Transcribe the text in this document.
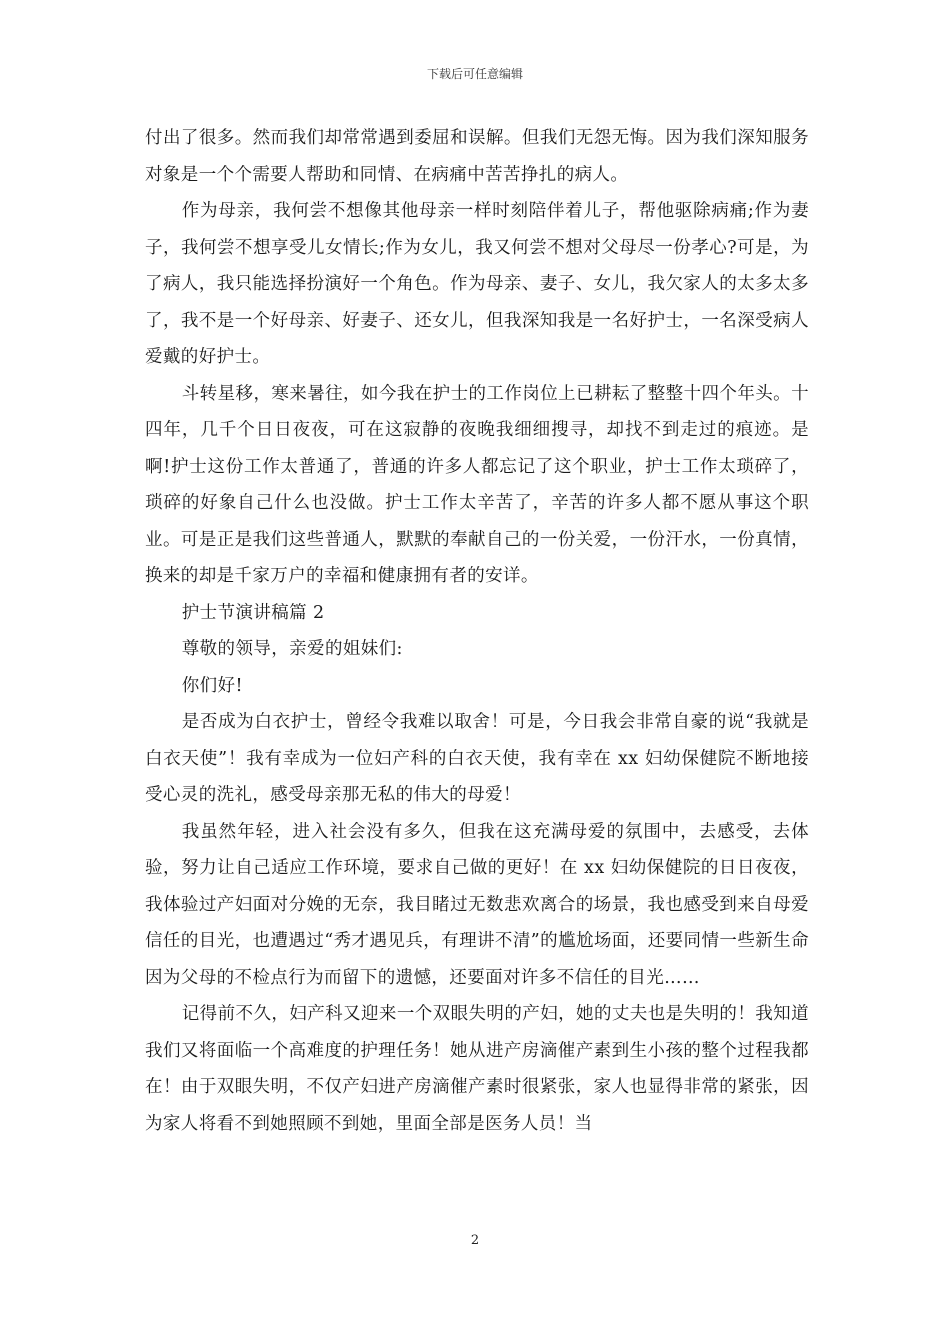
下载后可任意编辑

付出了很多。然而我们却常常遇到委屈和误解。但我们无怨无悔。因为我们深知服务对象是一个个需要人帮助和同情、在病痛中苦苦挣扎的病人。

作为母亲，我何尝不想像其他母亲一样时刻陪伴着儿子，帮他驱除病痛;作为妻子，我何尝不想享受儿女情长;作为女儿，我又何尝不想对父母尽一份孝心?可是，为了病人，我只能选择扮演好一个角色。作为母亲、妻子、女儿，我欠家人的太多太多了，我不是一个好母亲、好妻子、还女儿，但我深知我是一名好护士，一名深受病人爱戴的好护士。

斗转星移，寒来暑往，如今我在护士的工作岗位上已耕耘了整整十四个年头。十四年，几千个日日夜夜，可在这寂静的夜晚我细细搜寻，却找不到走过的痕迹。是啊!护士这份工作太普通了，普通的许多人都忘记了这个职业，护士工作太琐碎了，琐碎的好象自己什么也没做。护士工作太辛苦了，辛苦的许多人都不愿从事这个职业。可是正是我们这些普通人，默默的奉献自己的一份关爱，一份汗水，一份真情，换来的却是千家万户的幸福和健康拥有者的安详。

护士节演讲稿篇 2

尊敬的领导，亲爱的姐妹们:

你们好!

是否成为白衣护士，曾经令我难以取舍！可是，今日我会非常自豪的说“我就是白衣天使”！我有幸成为一位妇产科的白衣天使，我有幸在 xx 妇幼保健院不断地接受心灵的洗礼，感受母亲那无私的伟大的母爱！

我虽然年轻，进入社会没有多久，但我在这充满母爱的氛围中，去感受，去体验，努力让自己适应工作环境，要求自己做的更好！在 xx 妇幼保健院的日日夜夜，我体验过产妇面对分娩的无奈，我目睹过无数悲欢离合的场景，我也感受到来自母爱信任的目光，也遭遇过“秀才遇见兵，有理讲不清”的尴尬场面，还要同情一些新生命因为父母的不检点行为而留下的遗憾，还要面对许多不信任的目光……

记得前不久，妇产科又迎来一个双眼失明的产妇，她的丈夫也是失明的！我知道我们又将面临一个高难度的护理任务！她从进产房滴催产素到生小孩的整个过程我都在！由于双眼失明，不仅产妇进产房滴催产素时很紧张，家人也显得非常的紧张，因为家人将看不到她照顾不到她，里面全部是医务人员！当

2
